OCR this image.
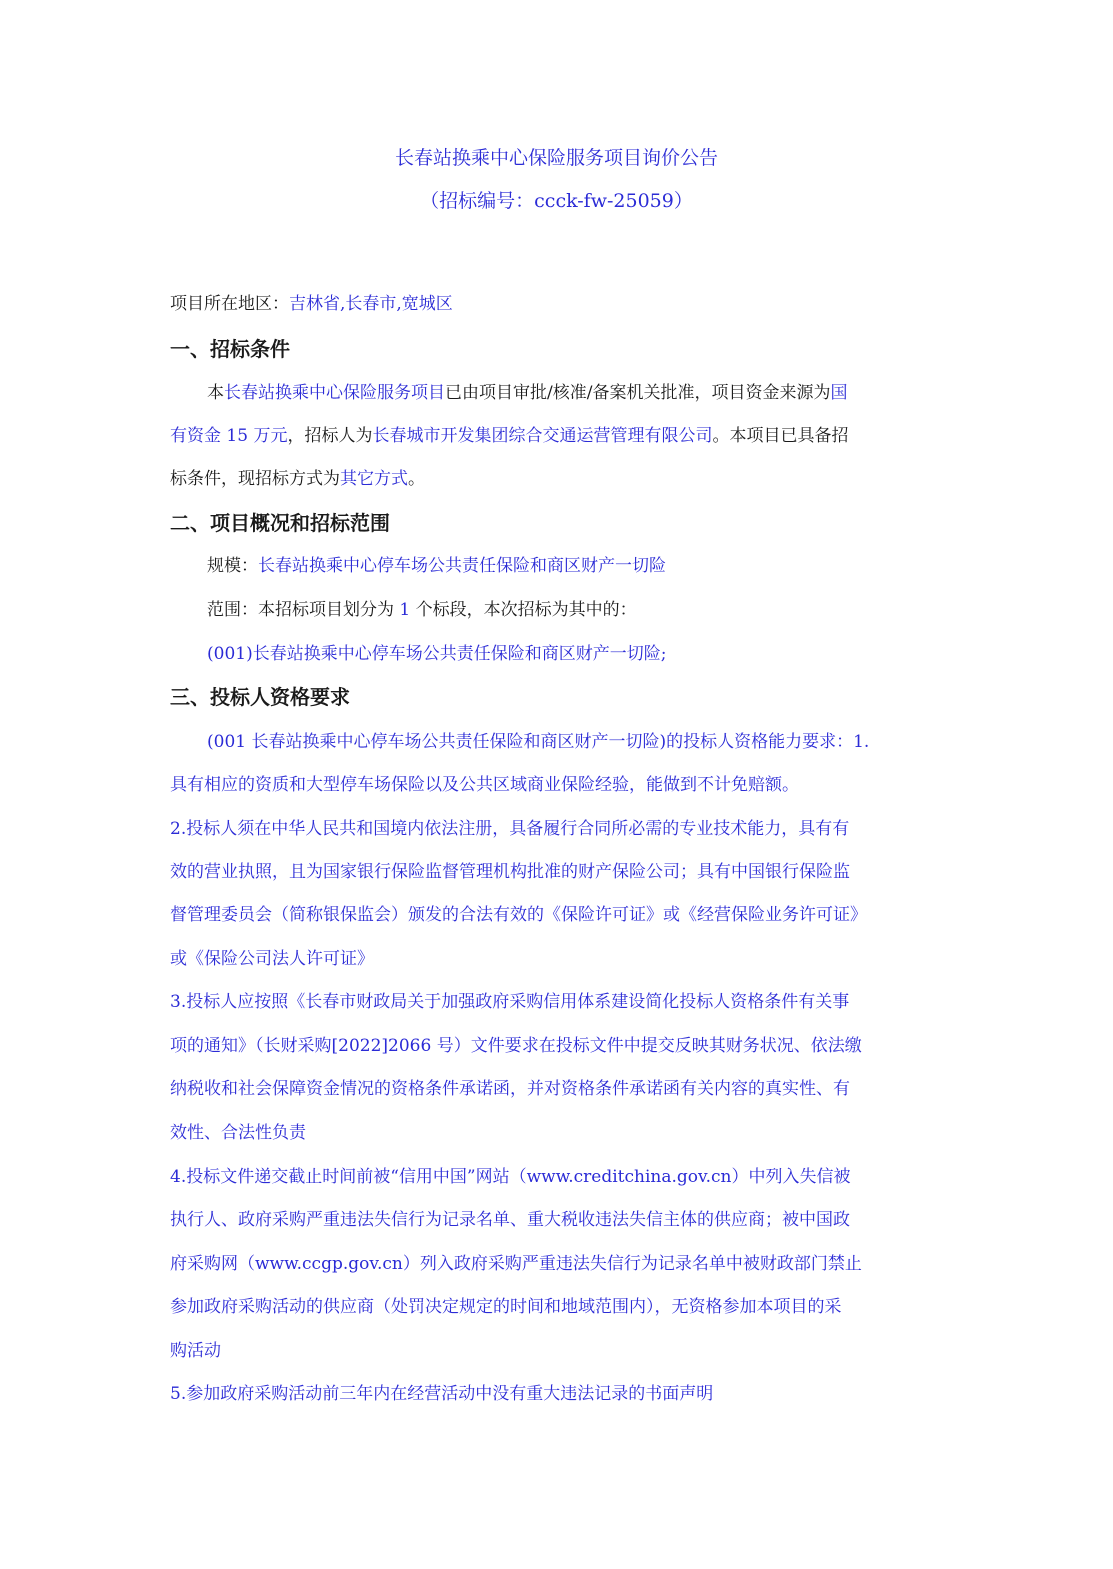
长春站换乘中心保险服务项目询价公告
（招标编号：ccck-fw-25059）
项目所在地区：吉林省,长春市,宽城区
一、招标条件
本长春站换乘中心保险服务项目已由项目审批/核准/备案机关批准，项目资金来源为国
有资金 15 万元，招标人为长春城市开发集团综合交通运营管理有限公司。本项目已具备招
标条件，现招标方式为其它方式。
二、项目概况和招标范围
规模：长春站换乘中心停车场公共责任保险和商区财产一切险
范围：本招标项目划分为 1 个标段，本次招标为其中的：
(001)长春站换乘中心停车场公共责任保险和商区财产一切险;
三、投标人资格要求
(001 长春站换乘中心停车场公共责任保险和商区财产一切险)的投标人资格能力要求：1.
具有相应的资质和大型停车场保险以及公共区域商业保险经验，能做到不计免赔额。
2.投标人须在中华人民共和国境内依法注册，具备履行合同所必需的专业技术能力，具有有
效的营业执照，且为国家银行保险监督管理机构批准的财产保险公司；具有中国银行保险监
督管理委员会（简称银保监会）颁发的合法有效的《保险许可证》或《经营保险业务许可证》
或《保险公司法人许可证》
3.投标人应按照《长春市财政局关于加强政府采购信用体系建设简化投标人资格条件有关事
项的通知》（长财采购[2022]2066 号）文件要求在投标文件中提交反映其财务状况、依法缴
纳税收和社会保障资金情况的资格条件承诺函，并对资格条件承诺函有关内容的真实性、有
效性、合法性负责
4.投标文件递交截止时间前被“信用中国”网站（www.creditchina.gov.cn）中列入失信被
执行人、政府采购严重违法失信行为记录名单、重大税收违法失信主体的供应商；被中国政
府采购网（www.ccgp.gov.cn）列入政府采购严重违法失信行为记录名单中被财政部门禁止
参加政府采购活动的供应商（处罚决定规定的时间和地域范围内），无资格参加本项目的采
购活动
5.参加政府采购活动前三年内在经营活动中没有重大违法记录的书面声明
